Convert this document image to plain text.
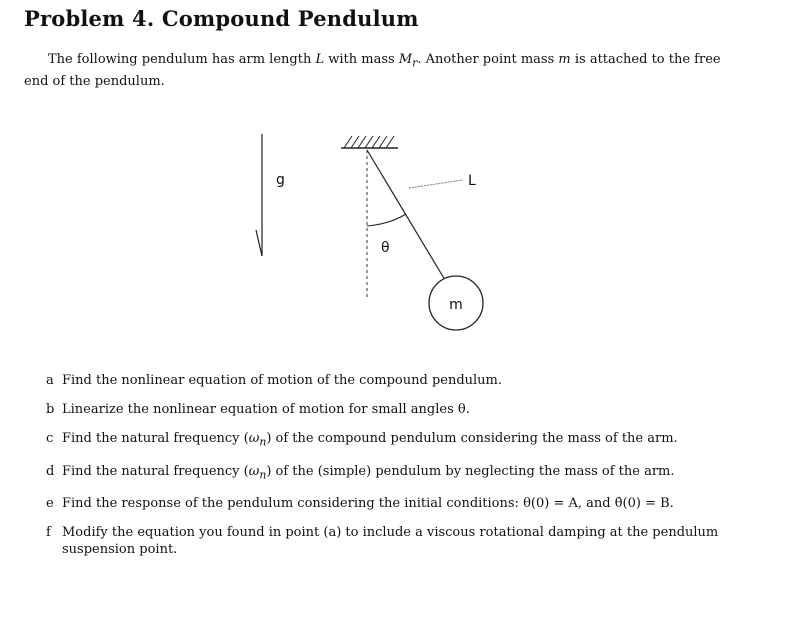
Problem 4. Compound Pendulum
The following pendulum has arm length L with mass $M_r$. Another point mass m is attached to the free
end of the pendulum.
g
θ
L
m
a Find the nonlinear equation of motion of the compound pendulum.
b Linearize the nonlinear equation of motion for small angles θ.
c Find the natural frequency $(\omega_n)$ of the compound pendulum considering the mass of the arm.
d Find the natural frequency $(\omega_n)$ of the (simple) pendulum by neglecting the mass of the arm.
e Find the response of the pendulum considering the initial conditions: θ(0) = A, and θ̇(0) = B.
f Modify the equation you found in point (a) to include a viscous rotational damping at the pendulum suspension point.
